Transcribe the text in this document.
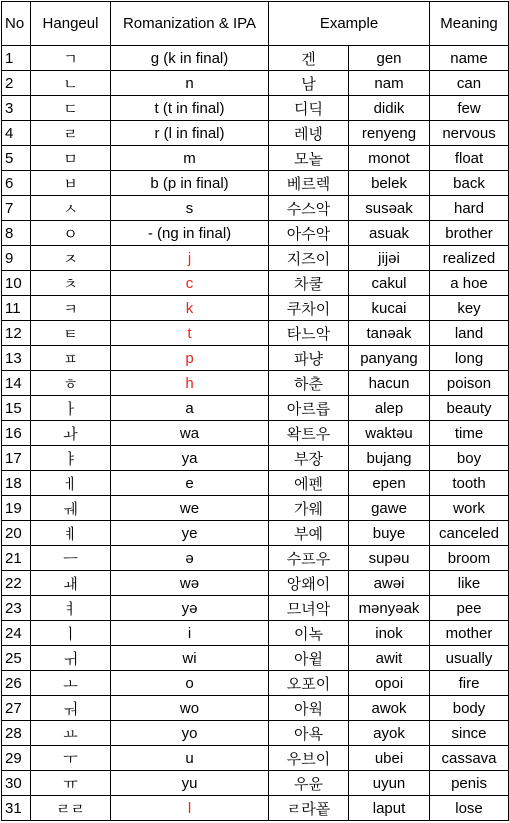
No	Hangeul	Romanization & IPA	Example		Meaning
1	ㄱ	g (k in final)	겐	gen	name
2	ㄴ	n	남	nam	can
3	ㄷ	t (t in final)	디딕	didik	few
4	ㄹ	r (l in final)	레넹	renyeng	nervous
5	ㅁ	m	모놑	monot	float
6	ㅂ	b (p in final)	베르렉	belek	back
7	ㅅ	s	수스악	susəak	hard
8	ㅇ	- (ng in final)	아수악	asuak	brother
9	ㅈ	j	지즈이	jijəi	realized
10	ㅊ	c	차쿨	cakul	a hoe
11	ㅋ	k	쿠차이	kucai	key
12	ㅌ	t	타느악	tanəak	land
13	ㅍ	p	파냥	panyang	long
14	ㅎ	h	하춘	hacun	poison
15	ㅏ	a	아르릅	alep	beauty
16	ㅘ	wa	왁트우	waktəu	time
17	ㅑ	ya	부장	bujang	boy
18	ㅔ	e	에펜	epen	tooth
19	ㅞ	we	가웨	gawe	work
20	ㅖ	ye	부예	buye	canceled
21	ㅡ	ə	수프우	supəu	broom
22	ㅙ	wə	앙왜이	awəi	like
23	ㅕ	yə	므녀악	mənyəak	pee
24	ㅣ	i	이녹	inok	mother
25	ㅟ	wi	아윝	awit	usually
26	ㅗ	o	오포이	opoi	fire
27	ㅝ	wo	아웍	awok	body
28	ㅛ	yo	아욕	ayok	since
29	ㅜ	u	우브이	ubei	cassava
30	ㅠ	yu	우윤	uyun	penis
31	ㄹㄹ	l	ㄹ라퐅	laput	lose
